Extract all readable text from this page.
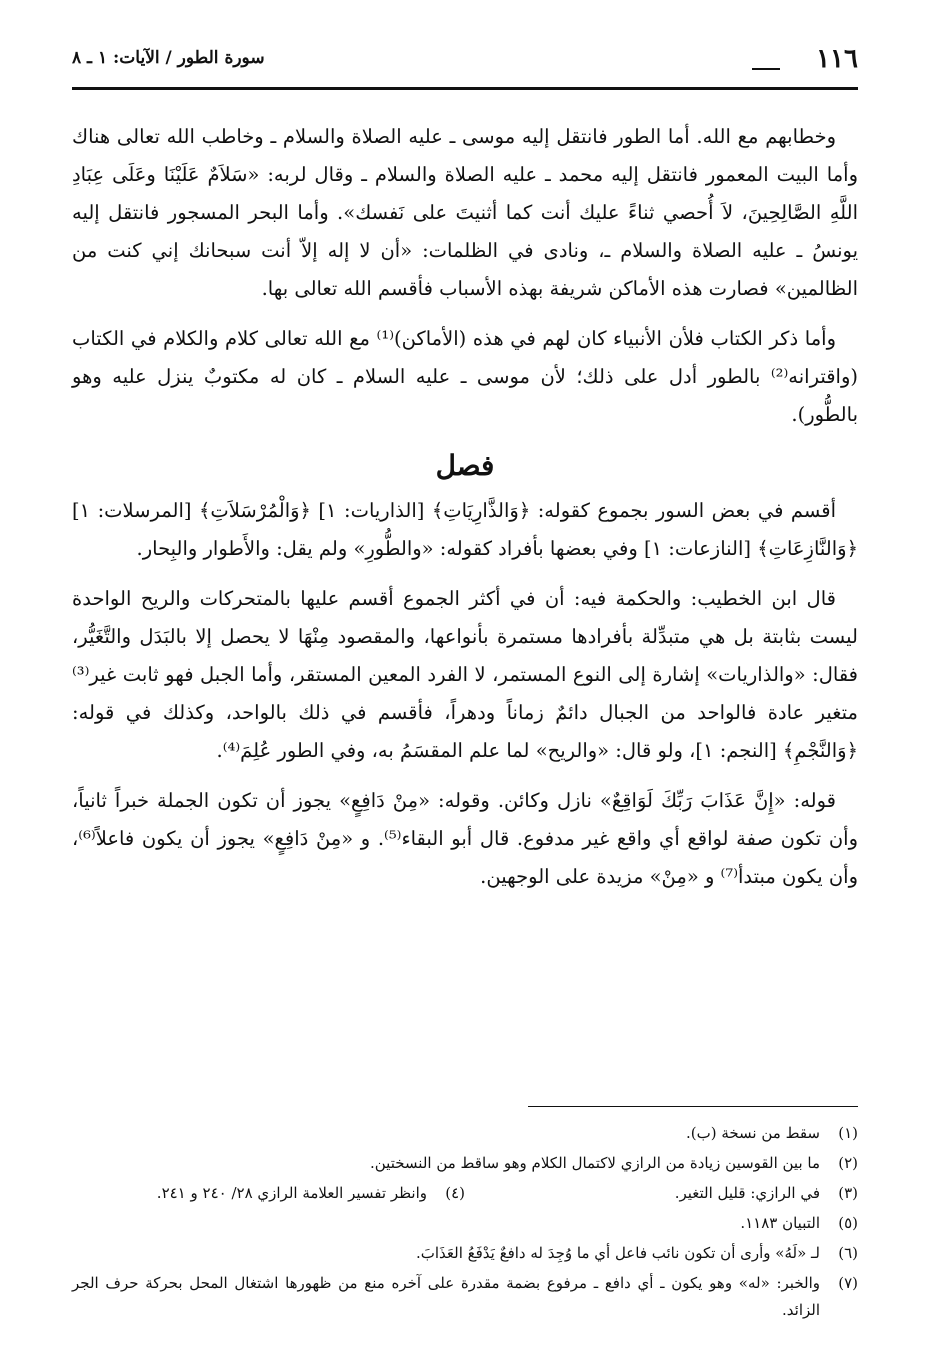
١١٦
سورة الطور / الآيات: ١ ـ ٨

وخطابهم مع الله. أما الطور فانتقل إليه موسى ـ عليه الصلاة والسلام ـ وخاطب الله تعالى هناك وأما البيت المعمور فانتقل إليه محمد ـ عليه الصلاة والسلام ـ وقال لربه: «سَلاَمٌ عَلَيْنَا وعَلَى عِبَادِ اللَّهِ الصَّالِحِينَ، لاَ أُحصي ثناءً عليك أنت كما أثنيتَ على نَفسك». وأما البحر المسجور فانتقل إليه يونسُ ـ عليه الصلاة والسلام ـ، ونادى في الظلمات: «أن لا إله إلاّ أنت سبحانك إني كنت من الظالمين» فصارت هذه الأماكن شريفة بهذه الأسباب فأقسم الله تعالى بها.

وأما ذكر الكتاب فلأن الأنبياء كان لهم في هذه (الأماكن)⁽¹⁾ مع الله تعالى كلام والكلام في الكتاب (واقترانه⁽²⁾ بالطور أدل على ذلك؛ لأن موسى ـ عليه السلام ـ كان له مكتوبٌ ينزل عليه وهو بالطُّور).

فصل

أقسم في بعض السور بجموع كقوله: ﴿وَالذَّارِيَاتِ﴾ [الذاريات: ١] ﴿وَالْمُرْسَلاَتِ﴾ [المرسلات: ١] ﴿وَالنَّازِعَاتِ﴾ [النازعات: ١] وفي بعضها بأفراد كقوله: «والطُّورِ» ولم يقل: والأَطوار والبِحار.

قال ابن الخطيب: والحكمة فيه: أن في أكثر الجموع أقسم عليها بالمتحركات والريح الواحدة ليست بثابتة بل هي متبدِّلة بأفرادها مستمرة بأنواعها، والمقصود مِنْهَا لا يحصل إلا بالبَدَل والتَّغَيُّر، فقال: «والذاريات» إشارة إلى النوع المستمر، لا الفرد المعين المستقر، وأما الجبل فهو ثابت غير⁽³⁾ متغير عادة فالواحد من الجبال دائمٌ زماناً ودهراً، فأقسم في ذلك بالواحد، وكذلك في قوله: ﴿وَالنَّجْمِ﴾ [النجم: ١]، ولو قال: «والريح» لما علم المقسَمُ به، وفي الطور عُلِمَ⁽⁴⁾.

قوله: «إِنَّ عَذَابَ رَبِّكَ لَوَاقِعٌ» نازل وكائن. وقوله: «مِنْ دَافِعٍ» يجوز أن تكون الجملة خبراً ثانياً، وأن تكون صفة لواقع أي واقع غير مدفوع. قال أبو البقاء⁽⁵⁾. و «مِنْ دَافِعٍ» يجوز أن يكون فاعلاً⁽⁶⁾، وأن يكون مبتدأ⁽⁷⁾ و «مِنْ» مزيدة على الوجهين.

(١)
سقط من نسخة (ب).
(٢)
ما بين القوسين زيادة من الرازي لاكتمال الكلام وهو ساقط من النسختين.
(٣)
في الرازي: قليل التغير.
(٤)
وانظر تفسير العلامة الرازي ٢٨/ ٢٤٠ و ٢٤١.
(٥)
التبيان ١١٨٣.
(٦)
لـ «لَهُ» وأرى أن تكون نائب فاعل أي ما وُجِدَ له دافعٌ يَدْفَعُ العَذَابَ.
(٧)
والخبر: «له» وهو يكون ـ أي دافع ـ مرفوع بضمة مقدرة على آخره منع من ظهورها اشتغال المحل بحركة حرف الجر الزائد.
